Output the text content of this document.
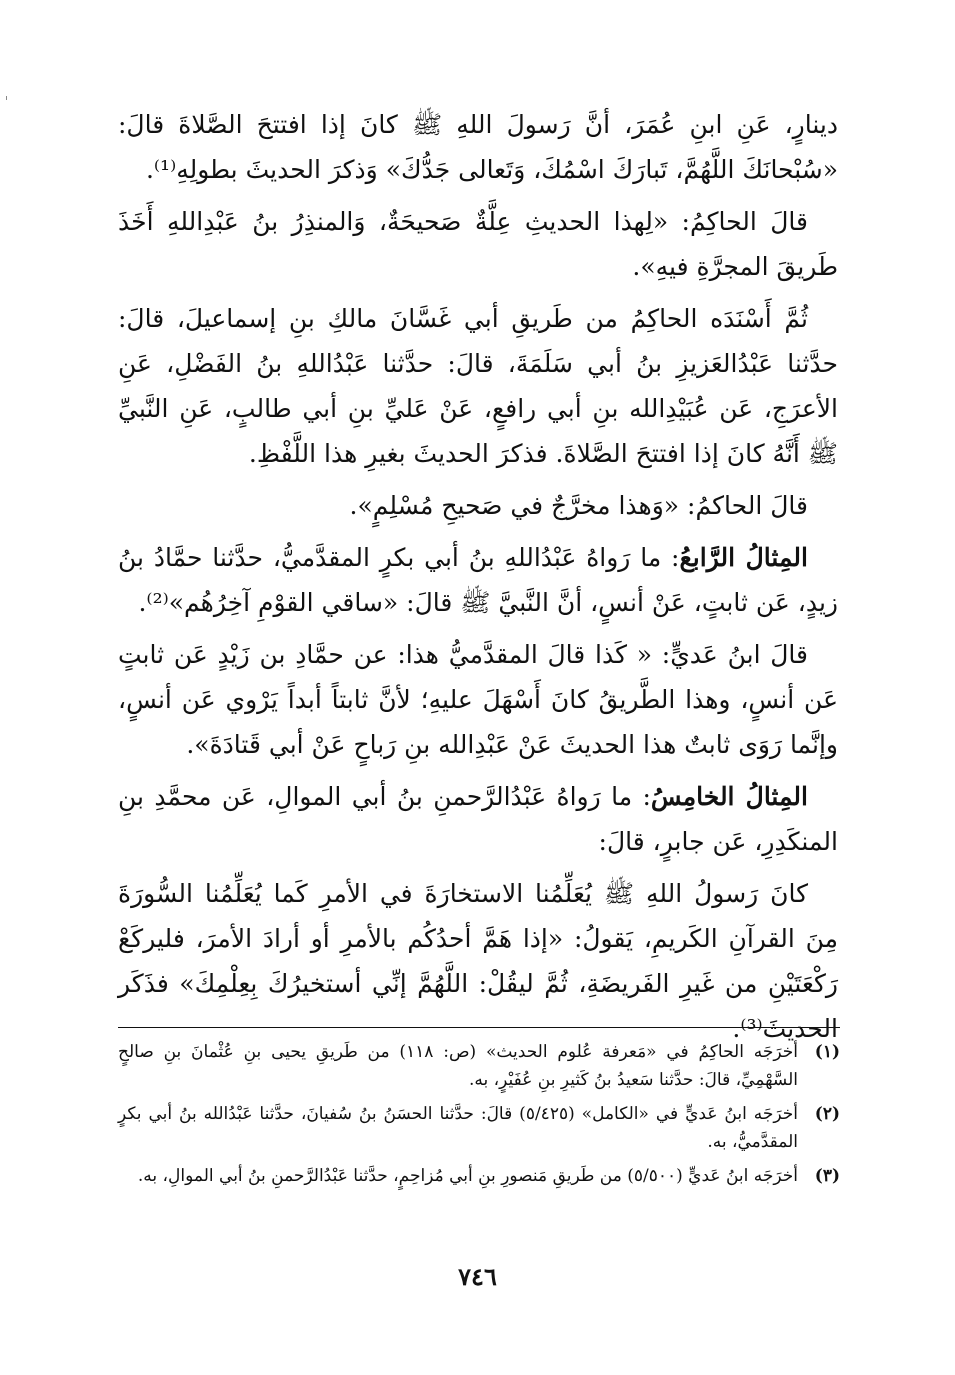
دينارٍ، عَنِ ابنِ عُمَرَ، أنَّ رَسولَ اللهِ ﷺ كانَ إذا افتتحَ الصَّلاةَ قالَ: «سُبْحانَكَ اللَّهُمَّ، تَبارَكَ اسْمُكَ، وَتَعالى جَدُّكَ» وَذكرَ الحديثَ بطولِهِ⁽¹⁾.

قالَ الحاكِمُ: «لِهذا الحديثِ عِلَّةٌ صَحيحَةٌ، وَالمنذِرُ بنُ عَبْدِاللهِ أَخَذَ طَريقَ المجرَّةِ فيهِ».

ثُمَّ أَسْنَدَه الحاكِمُ من طَريقِ أبي غَسَّانَ مالكِ بنِ إسماعيلَ، قالَ: حدَّثنا عَبْدُالعَزيزِ بنُ أبي سَلَمَةَ، قالَ: حدَّثنا عَبْدُاللهِ بنُ الفَضْلِ، عَنِ الأعرَجِ، عَن عُبَيْدِالله بنِ أبي رافعٍ، عَنْ عَليِّ بنِ أبي طالبٍ، عَنِ النَّبيِّ ﷺ أَنَّهُ كانَ إذا افتتحَ الصَّلاةَ. فذكرَ الحديثَ بغيرِ هذا اللَّفْظِ.

قالَ الحاكمُ: «وَهذا مخرَّجٌ في صَحيحِ مُسْلِمٍ».

المِثالُ الرَّابعُ: ما رَواهُ عَبْدُاللهِ بنُ أبي بكرٍ المقدَّميُّ، حدَّثنا حمَّادُ بنُ زيدٍ، عَن ثابتٍ، عَنْ أنسٍ، أنَّ النَّبيَّ ﷺ قالَ: «ساقي القوْمِ آخِرُهُم»⁽²⁾.

قالَ ابنُ عَديٍّ: « كَذا قالَ المقدَّميُّ هذا: عن حمَّادِ بن زَيْدٍ عَن ثابتٍ عَن أنسٍ، وهذا الطَّريقُ كانَ أَسْهَلَ عليهِ؛ لأنَّ ثابتاً أبداً يَرْوي عَن أنسٍ، وإنَّما رَوَى ثابتٌ هذا الحديثَ عَنْ عَبْدِالله بنِ رَباحٍ عَنْ أبي قَتادَةَ».

المِثالُ الخامِسُ: ما رَواهُ عَبْدُالرَّحمنِ بنُ أبي الموالِ، عَن محمَّدِ بنِ المنكَدِرِ، عَن جابرٍ، قالَ:

كانَ رَسولُ اللهِ ﷺ يُعَلِّمُنا الاستخارَةَ في الأمرِ كَما يُعَلِّمُنا السُّورَةَ مِنَ القرآنِ الكَريمِ، يَقولُ: «إذا هَمَّ أحدُكُم بالأمرِ أو أرادَ الأمرَ، فليركَعْ رَكْعَتَيْنِ من غَيرِ الفَريضَةِ، ثُمَّ ليقُلْ: اللَّهُمَّ إنِّي أستخيرُكَ بِعِلْمِكَ» فذَكَر الحديثَ⁽³⁾.

(١)
أخرَجَه الحاكِمُ في «مَعرفة عُلوم الحديث» (ص: ١١٨) من طَريقِ يحيى بنِ عُثْمانَ بنِ صالحٍ السَّهْمِيِّ، قالَ: حدَّثنا سَعيدُ بنُ كَثيرِ بنِ عُفَيْرٍ، به.
(٢)
أخرَجَه ابنُ عَديٍّ في «الكامل» (٥/٤٢٥) قالَ: حدَّثنا الحسَنُ بنُ سُفيانَ، حدَّثنا عَبْدُالله بنُ أبي بكرٍ المقدَّميُّ، به.
(٣)
أخرَجَه ابنُ عَديٍّ (٥/٥٠٠) من طَريقِ مَنصورِ بنِ أبي مُزاحِمٍ، حدَّثنا عَبْدُالرَّحمنِ بنُ أبي الموالِ، به.
٧٤٦
